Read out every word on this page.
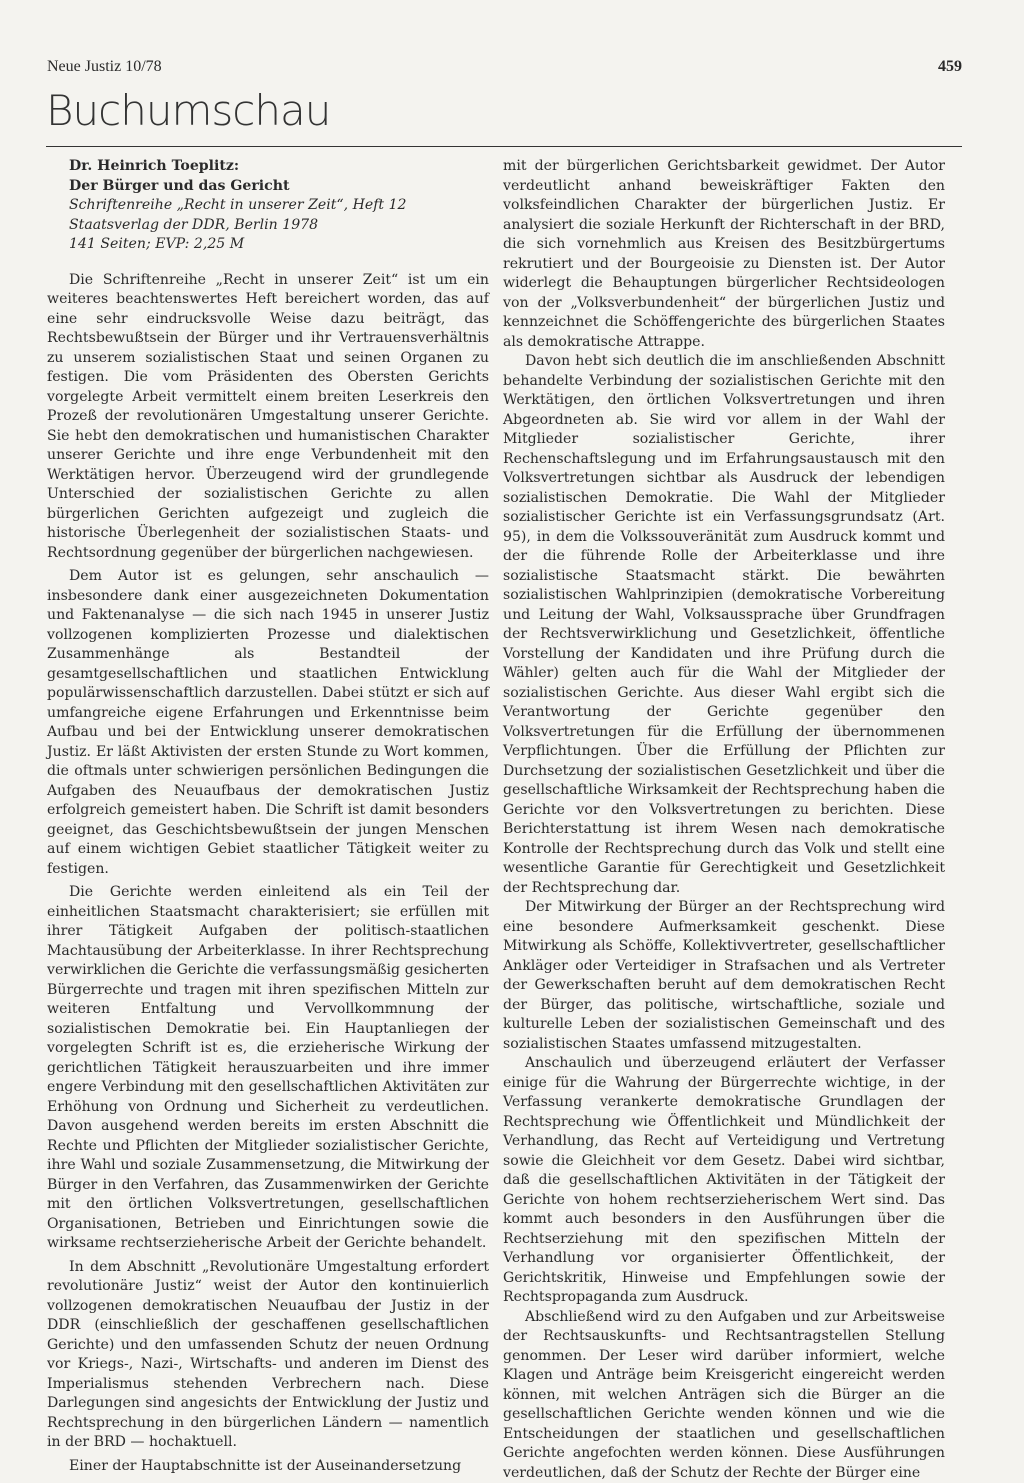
Neue Justiz 10/78	459
Buchumschau

Dr. Heinrich Toeplitz:

Der Bürger und das Gericht

Schriftenreihe „Recht in unserer Zeit“, Heft 12

Staatsverlag der DDR, Berlin 1978

141 Seiten; EVP: 2,25 M

Die Schriftenreihe „Recht in unserer Zeit“ ist um ein weiteres beachtenswertes Heft bereichert worden, das auf eine sehr eindrucksvolle Weise dazu beiträgt, das Rechtsbewußtsein der Bürger und ihr Vertrauensverhältnis zu unserem sozialistischen Staat und seinen Organen zu festigen. Die vom Präsidenten des Obersten Gerichts vorgelegte Arbeit vermittelt einem breiten Leserkreis den Prozeß der revolutionären Umgestaltung unserer Gerichte. Sie hebt den demokratischen und humanistischen Charakter unserer Gerichte und ihre enge Verbundenheit mit den Werktätigen hervor. Überzeugend wird der grundlegende Unterschied der sozialistischen Gerichte zu allen bürgerlichen Gerichten aufgezeigt und zugleich die historische Überlegenheit der sozialistischen Staats- und Rechtsordnung gegenüber der bürgerlichen nachgewiesen.

Dem Autor ist es gelungen, sehr anschaulich — insbesondere dank einer ausgezeichneten Dokumentation und Faktenanalyse — die sich nach 1945 in unserer Justiz vollzogenen komplizierten Prozesse und dialektischen Zusammenhänge als Bestandteil der gesamtgesellschaftlichen und staatlichen Entwicklung populärwissenschaftlich darzustellen. Dabei stützt er sich auf umfangreiche eigene Erfahrungen und Erkenntnisse beim Aufbau und bei der Entwicklung unserer demokratischen Justiz. Er läßt Aktivisten der ersten Stunde zu Wort kommen, die oftmals unter schwierigen persönlichen Bedingungen die Aufgaben des Neuaufbaus der demokratischen Justiz erfolgreich gemeistert haben. Die Schrift ist damit besonders geeignet, das Geschichtsbewußtsein der jungen Menschen auf einem wichtigen Gebiet staatlicher Tätigkeit weiter zu festigen.

Die Gerichte werden einleitend als ein Teil der einheitlichen Staatsmacht charakterisiert; sie erfüllen mit ihrer Tätigkeit Aufgaben der politisch-staatlichen Machtausübung der Arbeiterklasse. In ihrer Rechtsprechung verwirklichen die Gerichte die verfassungsmäßig gesicherten Bürgerrechte und tragen mit ihren spezifischen Mitteln zur weiteren Entfaltung und Vervollkommnung der sozialistischen Demokratie bei. Ein Hauptanliegen der vorgelegten Schrift ist es, die erzieherische Wirkung der gerichtlichen Tätigkeit herauszuarbeiten und ihre immer engere Verbindung mit den gesellschaftlichen Aktivitäten zur Erhöhung von Ordnung und Sicherheit zu verdeutlichen. Davon ausgehend werden bereits im ersten Abschnitt die Rechte und Pflichten der Mitglieder sozialistischer Gerichte, ihre Wahl und soziale Zusammensetzung, die Mitwirkung der Bürger in den Verfahren, das Zusammenwirken der Gerichte mit den örtlichen Volksvertretungen, gesellschaftlichen Organisationen, Betrieben und Einrichtungen sowie die wirksame rechtserzieherische Arbeit der Gerichte behandelt.

In dem Abschnitt „Revolutionäre Umgestaltung erfordert revolutionäre Justiz“ weist der Autor den kontinuierlich vollzogenen demokratischen Neuaufbau der Justiz in der DDR (einschließlich der geschaffenen gesellschaftlichen Gerichte) und den umfassenden Schutz der neuen Ordnung vor Kriegs-, Nazi-, Wirtschafts- und anderen im Dienst des Imperialismus stehenden Verbrechern nach. Diese Darlegungen sind angesichts der Entwicklung der Justiz und Rechtsprechung in den bürgerlichen Ländern — namentlich in der BRD — hochaktuell.

Einer der Hauptabschnitte ist der Auseinandersetzung

mit der bürgerlichen Gerichtsbarkeit gewidmet. Der Autor verdeutlicht anhand beweiskräftiger Fakten den volksfeindlichen Charakter der bürgerlichen Justiz. Er analysiert die soziale Herkunft der Richterschaft in der BRD, die sich vornehmlich aus Kreisen des Besitzbürgertums rekrutiert und der Bourgeoisie zu Diensten ist. Der Autor widerlegt die Behauptungen bürgerlicher Rechtsideologen von der „Volksverbundenheit“ der bürgerlichen Justiz und kennzeichnet die Schöffengerichte des bürgerlichen Staates als demokratische Attrappe.

Davon hebt sich deutlich die im anschließenden Abschnitt behandelte Verbindung der sozialistischen Gerichte mit den Werktätigen, den örtlichen Volksvertretungen und ihren Abgeordneten ab. Sie wird vor allem in der Wahl der Mitglieder sozialistischer Gerichte, ihrer Rechenschaftslegung und im Erfahrungsaustausch mit den Volksvertretungen sichtbar als Ausdruck der lebendigen sozialistischen Demokratie. Die Wahl der Mitglieder sozialistischer Gerichte ist ein Verfassungsgrundsatz (Art. 95), in dem die Volkssouveränität zum Ausdruck kommt und der die führende Rolle der Arbeiterklasse und ihre sozialistische Staatsmacht stärkt. Die bewährten sozialistischen Wahlprinzipien (demokratische Vorbereitung und Leitung der Wahl, Volksaussprache über Grundfragen der Rechtsverwirklichung und Gesetzlichkeit, öffentliche Vorstellung der Kandidaten und ihre Prüfung durch die Wähler) gelten auch für die Wahl der Mitglieder der sozialistischen Gerichte. Aus dieser Wahl ergibt sich die Verantwortung der Gerichte gegenüber den Volksvertretungen für die Erfüllung der übernommenen Verpflichtungen. Über die Erfüllung der Pflichten zur Durchsetzung der sozialistischen Gesetzlichkeit und über die gesellschaftliche Wirksamkeit der Rechtsprechung haben die Gerichte vor den Volksvertretungen zu berichten. Diese Berichterstattung ist ihrem Wesen nach demokratische Kontrolle der Rechtsprechung durch das Volk und stellt eine wesentliche Garantie für Gerechtigkeit und Gesetzlichkeit der Rechtsprechung dar.

Der Mitwirkung der Bürger an der Rechtsprechung wird eine besondere Aufmerksamkeit geschenkt. Diese Mitwirkung als Schöffe, Kollektivvertreter, gesellschaftlicher Ankläger oder Verteidiger in Strafsachen und als Vertreter der Gewerkschaften beruht auf dem demokratischen Recht der Bürger, das politische, wirtschaftliche, soziale und kulturelle Leben der sozialistischen Gemeinschaft und des sozialistischen Staates umfassend mitzugestalten.

Anschaulich und überzeugend erläutert der Verfasser einige für die Wahrung der Bürgerrechte wichtige, in der Verfassung verankerte demokratische Grundlagen der Rechtsprechung wie Öffentlichkeit und Mündlichkeit der Verhandlung, das Recht auf Verteidigung und Vertretung sowie die Gleichheit vor dem Gesetz. Dabei wird sichtbar, daß die gesellschaftlichen Aktivitäten in der Tätigkeit der Gerichte von hohem rechtserzieherischem Wert sind. Das kommt auch besonders in den Ausführungen über die Rechtserziehung mit den spezifischen Mitteln der Verhandlung vor organisierter Öffentlichkeit, der Gerichtskritik, Hinweise und Empfehlungen sowie der Rechtspropaganda zum Ausdruck.

Abschließend wird zu den Aufgaben und zur Arbeitsweise der Rechtsauskunfts- und Rechtsantragstellen Stellung genommen. Der Leser wird darüber informiert, welche Klagen und Anträge beim Kreisgericht eingereicht werden können, mit welchen Anträgen sich die Bürger an die gesellschaftlichen Gerichte wenden können und wie die Entscheidungen der staatlichen und gesellschaftlichen Gerichte angefochten werden können. Diese Ausführungen verdeutlichen, daß der Schutz der Rechte der Bürger eine
